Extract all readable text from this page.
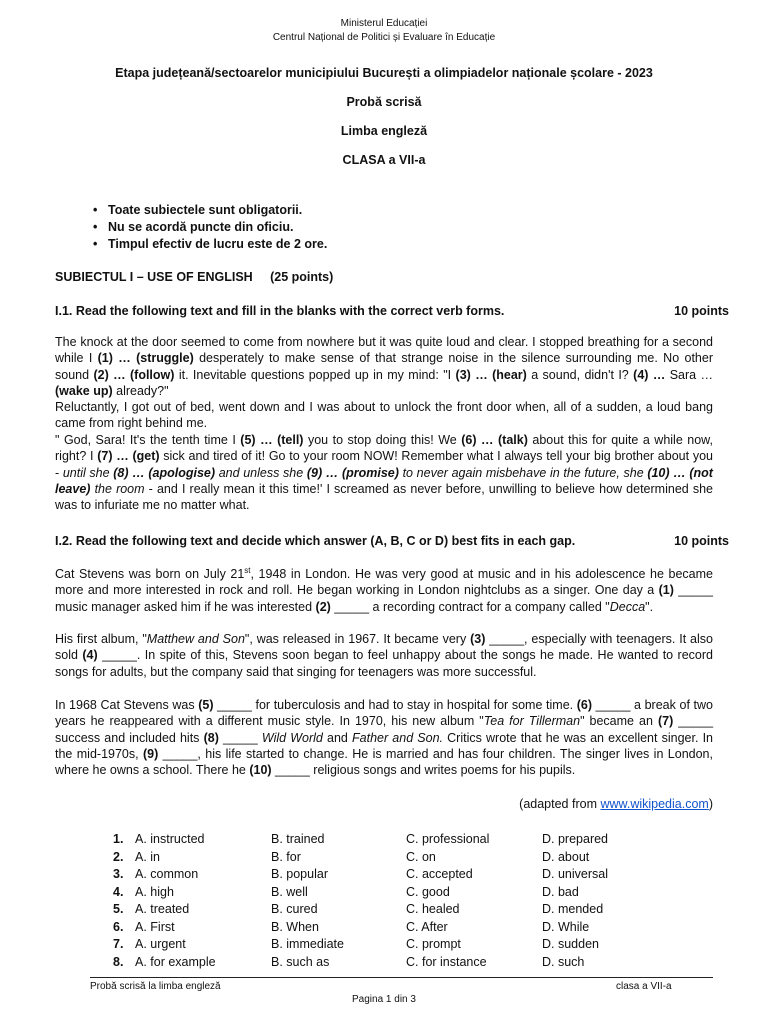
Ministerul Educației
Centrul Național de Politici și Evaluare în Educație
Etapa județeană/sectoarelor municipiului București a olimpiadelor naționale școlare - 2023
Probă scrisă
Limba engleză
CLASA a VII-a
• Toate subiectele sunt obligatorii.
• Nu se acordă puncte din oficiu.
• Timpul efectiv de lucru este de 2 ore.
SUBIECTUL I – USE OF ENGLISH     (25 points)
I.1. Read the following text and fill in the blanks with the correct verb forms.	10 points
The knock at the door seemed to come from nowhere but it was quite loud and clear. I stopped breathing for a second while I (1) … (struggle) desperately to make sense of that strange noise in the silence surrounding me. No other sound (2) … (follow) it. Inevitable questions popped up in my mind: "I (3) … (hear) a sound, didn't I? (4) … Sara … (wake up) already?"
Reluctantly, I got out of bed, went down and I was about to unlock the front door when, all of a sudden, a loud bang came from right behind me.
" God, Sara! It's the tenth time I (5) … (tell) you to stop doing this! We (6) … (talk) about this for quite a while now, right? I (7) … (get) sick and tired of it! Go to your room NOW! Remember what I always tell your big brother about you - until she (8) … (apologise) and unless she (9) … (promise) to never again misbehave in the future, she (10) … (not leave) the room - and I really mean it this time!' I screamed as never before, unwilling to believe how determined she was to infuriate me no matter what.
I.2. Read the following text and decide which answer (A, B, C or D) best fits in each gap.	10 points
Cat Stevens was born on July 21st, 1948 in London. He was very good at music and in his adolescence he became more and more interested in rock and roll. He began working in London nightclubs as a singer. One day a (1) _____ music manager asked him if he was interested (2) _____ a recording contract for a company called "Decca".
His first album, "Matthew and Son", was released in 1967. It became very (3) _____, especially with teenagers. It also sold (4) _____. In spite of this, Stevens soon began to feel unhappy about the songs he made. He wanted to record songs for adults, but the company said that singing for teenagers was more successful.
In 1968 Cat Stevens was (5) _____ for tuberculosis and had to stay in hospital for some time. (6) _____ a break of two years he reappeared with a different music style. In 1970, his new album "Tea for Tillerman" became an (7) _____ success and included hits (8) _____ Wild World and Father and Son. Critics wrote that he was an excellent singer. In the mid-1970s, (9) _____, his life started to change. He is married and has four children. The singer lives in London, where he owns a school. There he (10) _____ religious songs and writes poems for his pupils.
(adapted from www.wikipedia.com)
1. A. instructed	B. trained	C. professional	D. prepared
2. A. in	B. for	C. on	D. about
3. A. common	B. popular	C. accepted	D. universal
4. A. high	B. well	C. good	D. bad
5. A. treated	B. cured	C. healed	D. mended
6. A. First	B. When	C. After	D. While
7. A. urgent	B. immediate	C. prompt	D. sudden
8. A. for example	B. such as	C. for instance	D. such
Probă scrisă la limba engleză	clasa a VII-a
Pagina 1 din 3
